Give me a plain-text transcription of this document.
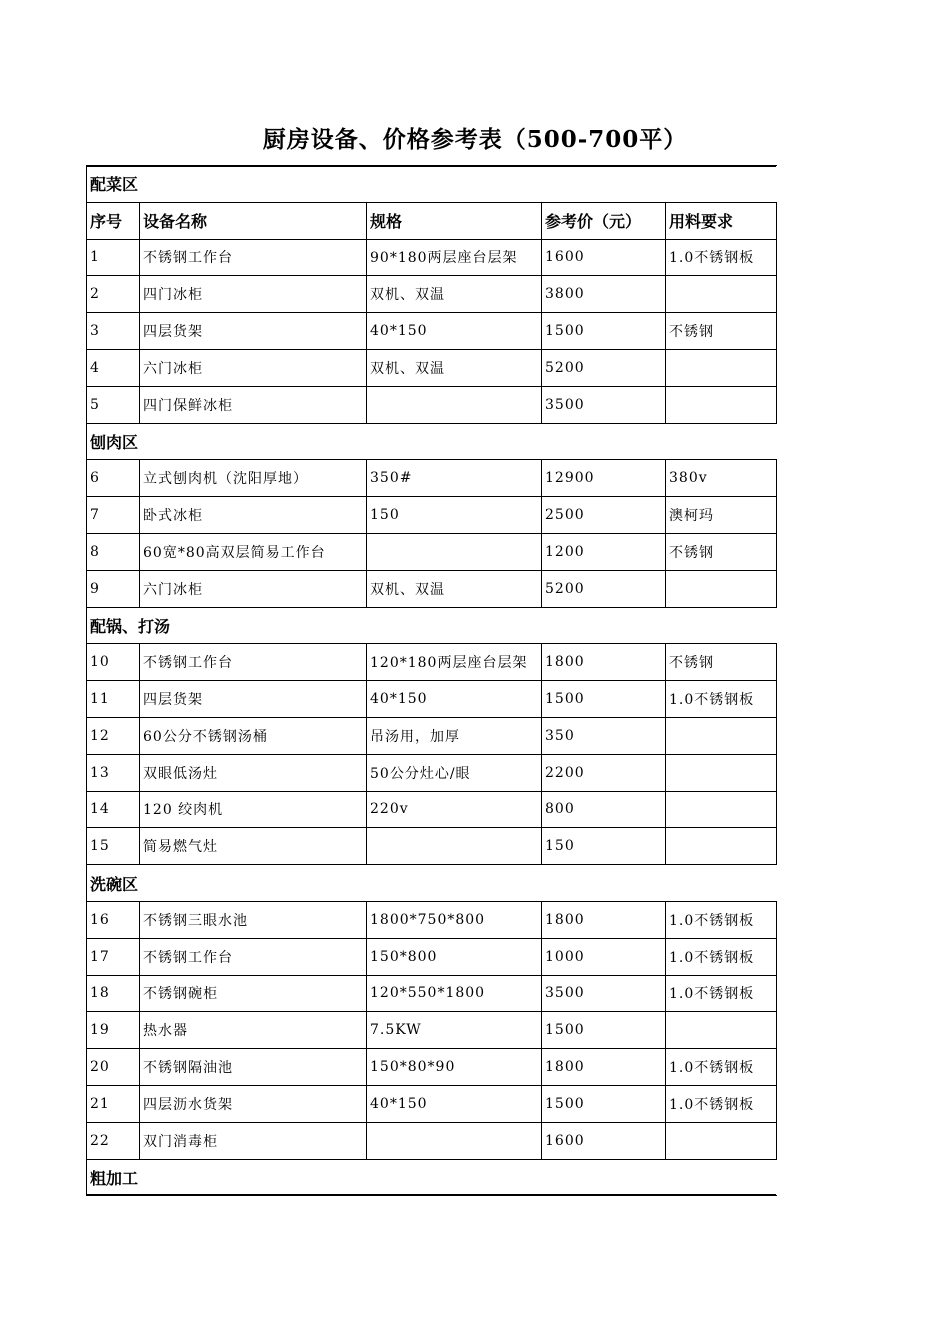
厨房设备、价格参考表（500-700平）
配菜区				
序号	设备名称	规格	参考价（元）	用料要求
1	不锈钢工作台	90*180两层座台层架	1600	1.0不锈钢板
2	四门冰柜	双机、双温	3800	
3	四层货架	40*150	1500	不锈钢
4	六门冰柜	双机、双温	5200	
5	四门保鲜冰柜		3500	
刨肉区				
6	立式刨肉机（沈阳厚地）	350#	12900	380v
7	卧式冰柜	150	2500	澳柯玛
8	60宽*80高双层简易工作台		1200	不锈钢
9	六门冰柜	双机、双温	5200	
配锅、打汤				
10	不锈钢工作台	120*180两层座台层架	1800	不锈钢
11	四层货架	40*150	1500	1.0不锈钢板
12	60公分不锈钢汤桶	吊汤用，加厚	350	
13	双眼低汤灶	50公分灶心/眼	2200	
14	120 绞肉机	220v	800	
15	简易燃气灶		150	
洗碗区				
16	不锈钢三眼水池	1800*750*800	1800	1.0不锈钢板
17	不锈钢工作台	150*800	1000	1.0不锈钢板
18	不锈钢碗柜	120*550*1800	3500	1.0不锈钢板
19	热水器	7.5KW	1500	
20	不锈钢隔油池	150*80*90	1800	1.0不锈钢板
21	四层沥水货架	40*150	1500	1.0不锈钢板
22	双门消毒柜		1600	
粗加工				
